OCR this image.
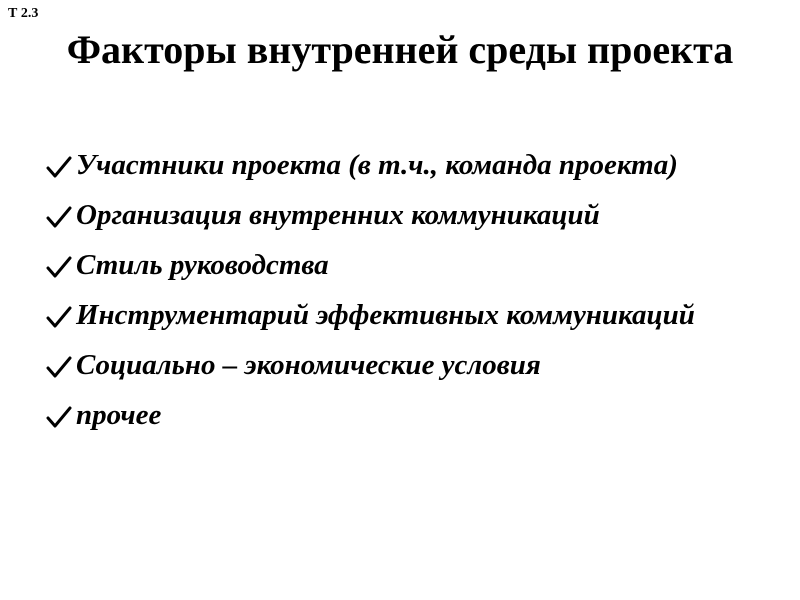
Т 2.3
Факторы внутренней среды проекта
Участники проекта (в т.ч., команда проекта)
Организация внутренних коммуникаций
Стиль руководства
Инструментарий эффективных коммуникаций
Социально – экономические условия
прочее
